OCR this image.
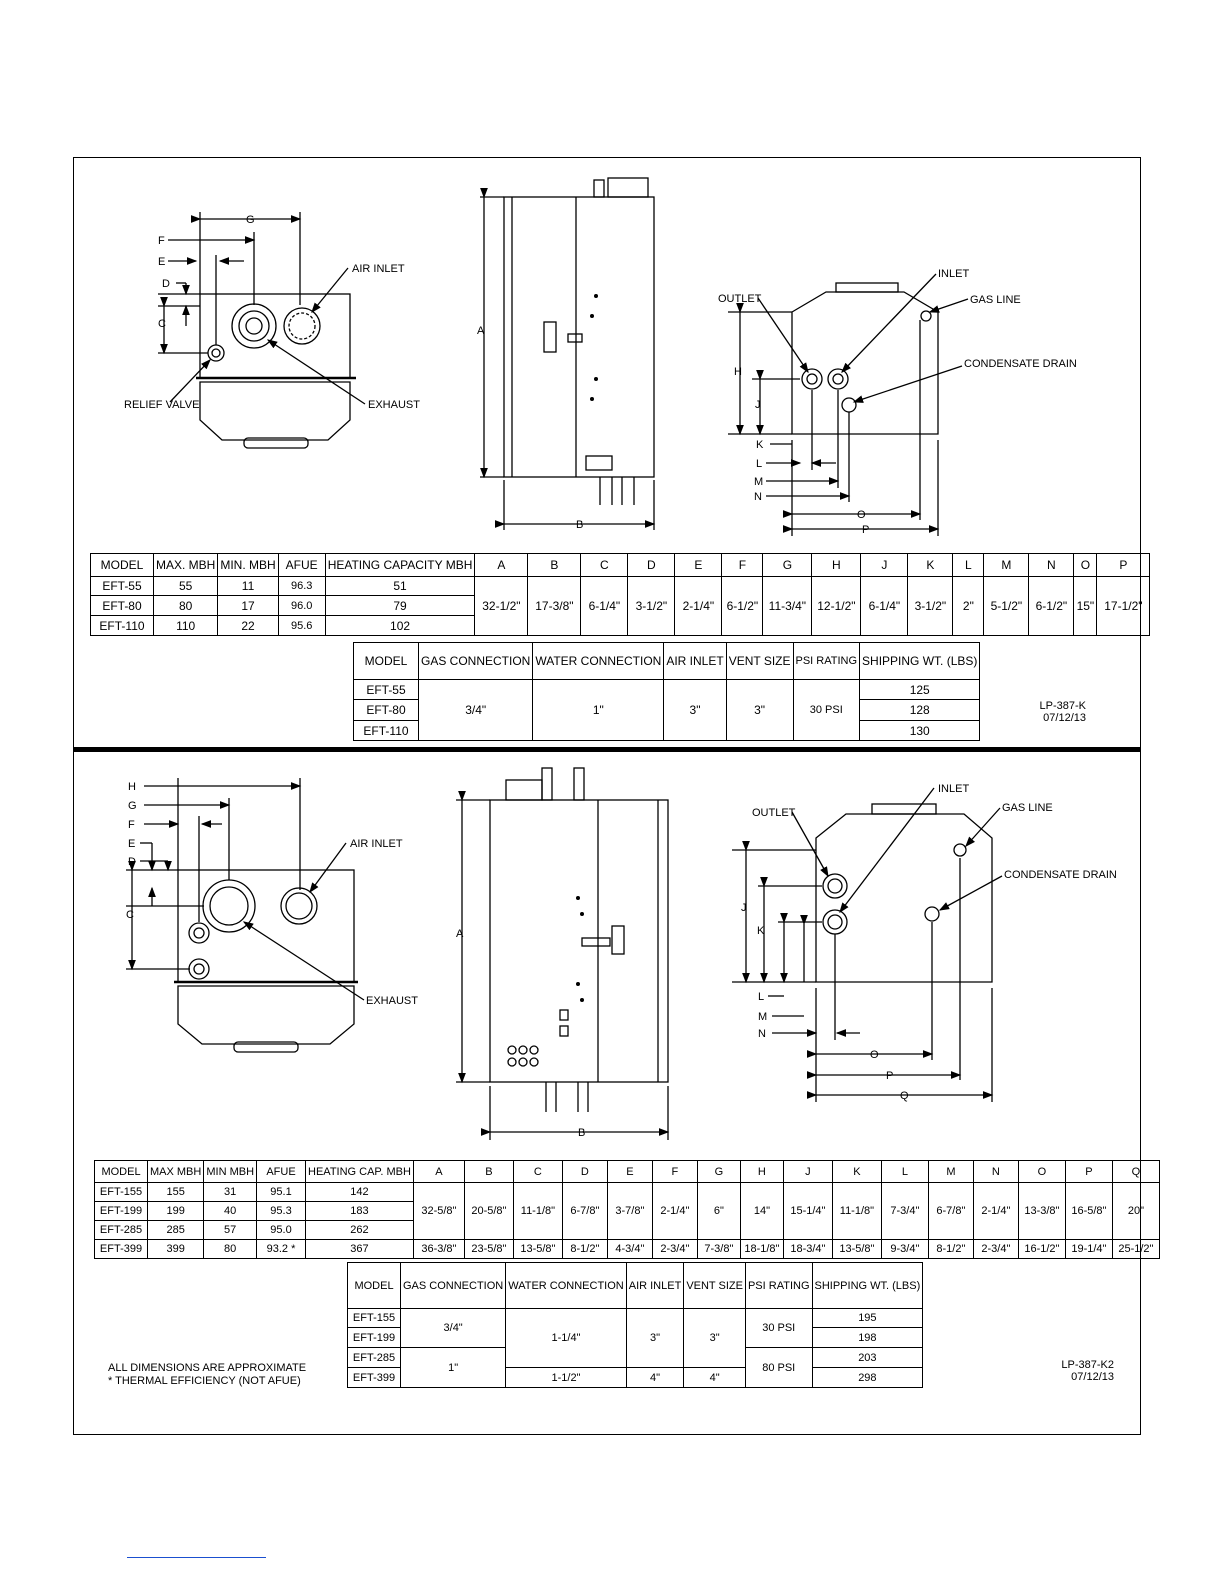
G
F
E
D
C
AIR INLET
RELIEF VALVE	EXHAUST
A
B
OUTLET
INLET
GAS LINE
CONDENSATE DRAIN
H
J
K
L
M
N
O
P
H
G
F
E
D
C
AIR INLET
EXHAUST
A
B
OUTLET
INLET
GAS LINE
CONDENSATE DRAIN
J
K
L
M
N
O
P
Q
MODEL	MAX. MBH	MIN. MBH	AFUE	HEATING CAPACITY MBH	A	B	C	D	E	F	G	H	J	K	L	M	N	O	P
EFT-55	55	11	96.3	51	32-1/2"	17-3/8"	6-1/4"	3-1/2"	2-1/4"	6-1/2"	11-3/4"	12-1/2"	6-1/4"	3-1/2"	2"	5-1/2"	6-1/2"	15"	17-1/2"
EFT-80	80	17	96.0	79															
EFT-110	110	22	95.6	102															
MODEL	GAS CONNECTION	WATER CONNECTION	AIR INLET	VENT SIZE	PSI RATING	SHIPPING WT. (LBS)
EFT-55	3/4"	1"	3"	3"	30 PSI	125
EFT-80						128
EFT-110						130
LP-387-K
07/12/13
MODEL	MAX MBH	MIN MBH	AFUE	HEATING CAP. MBH	A	B	C	D	E	F	G	H	J	K	L	M	N	O	P	Q
EFT-155	155	31	95.1	142	32-5/8"	20-5/8"	11-1/8"	6-7/8"	3-7/8"	2-1/4"	6"	14"	15-1/4"	11-1/8"	7-3/4"	6-7/8"	2-1/4"	13-3/8"	16-5/8"	20"
EFT-199	199	40	95.3	183																
EFT-285	285	57	95.0	262																
EFT-399	399	80	93.2 *	367	36-3/8"	23-5/8"	13-5/8"	8-1/2"	4-3/4"	2-3/4"	7-3/8"	18-1/8"	18-3/4"	13-5/8"	9-3/4"	8-1/2"	2-3/4"	16-1/2"	19-1/4"	25-1/2"
MODEL	GAS CONNECTION	WATER CONNECTION	AIR INLET	VENT SIZE	PSI RATING	SHIPPING WT. (LBS)
EFT-155	3/4"	1-1/4"	3"	3"	30 PSI	195
EFT-199						198
EFT-285	1"				80 PSI	203
EFT-399		1-1/2"	4"	4"		298
ALL DIMENSIONS ARE APPROXIMATE
* THERMAL EFFICIENCY (NOT AFUE)
LP-387-K2
07/12/13
